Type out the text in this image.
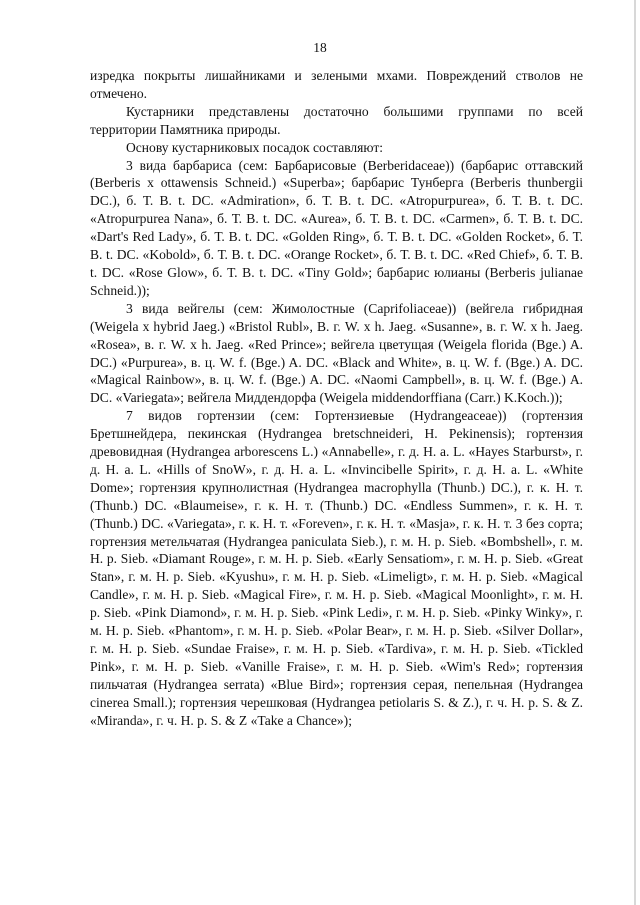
18

изредка покрыты лишайниками и зелеными мхами. Повреждений стволов не отмечено.

Кустарники представлены достаточно большими группами по всей территории Памятника природы.

Основу кустарниковых посадок составляют:

3 вида барбариса (сем: Барбарисовые (Berberidaceae)) (барбарис оттавский (Berberis x ottawensis Schneid.) «Superba»; барбарис Тунберга (Berberis thunbergii DC.), б. Т. В. t. DC. «Admiration», б. Т. В. t. DC. «Atropurpurea», б. Т. В. t. DC. «Atropurpurea Nana», б. Т. В. t. DC. «Aurea», б. Т. В. t. DC. «Carmen», б. Т. В. t. DC. «Dart's Red Lady», б. Т. В. t. DC. «Golden Ring», б. Т. В. t. DC. «Golden Rocket», б. Т. В. t. DC. «Kobold», б. Т. В. t. DC. «Orange Rocket», б. Т. В. t. DC. «Red Chief», б. Т. В. t. DC. «Rose Glow», б. Т. В. t. DC. «Tiny Gold»; барбарис юлианы (Berberis julianae Schneid.));

3 вида вейгелы (сем: Жимолостные (Caprifoliaceae)) (вейгела гибридная (Weigela x hybrid Jaeg.) «Bristol Rubl», В. г. W. x h. Jaeg. «Susanne», в. г. W. x h. Jaeg. «Rosea», в. г. W. x h. Jaeg. «Red Prince»; вейгела цветущая (Weigela florida (Bge.) A. DC.) «Purpurea», в. ц. W. f. (Bge.) A. DC. «Black and White», в. ц. W. f. (Bge.) A. DC. «Magical Rainbow», в. ц. W. f. (Bge.) A. DC. «Naomi Campbell», в. ц. W. f. (Bge.) A. DC. «Variegata»; вейгела Миддендорфа (Weigela middendorffiana (Carr.) K.Koch.));

7 видов гортензии (сем: Гортензиевые (Hydrangeaceae)) (гортензия Бретшнейдера, пекинская (Hydrangea bretschneideri, H. Pekinensis); гортензия древовидная (Hydrangea arborescens L.) «Annabelle», г. д. H. a. L. «Hayes Starburst», г. д. H. a. L. «Hills of SnoW», г. д. H. a. L. «Invincibelle Spirit», г. д. H. a. L. «White Dome»; гортензия крупнолистная (Hydrangea macrophylla (Thunb.) DC.), г. к. H. т. (Thunb.) DC. «Blaumeise», г. к. H. т. (Thunb.) DC. «Endless Summen», г. к. H. т. (Thunb.) DC. «Variegata», г. к. H. т. «Foreven», г. к. H. т. «Masja», г. к. H. т. 3 без сорта; гортензия метельчатая (Hydrangea paniculata Sieb.), г. м. H. p. Sieb. «Bombshell», г. м. H. p. Sieb. «Diamant Rouge», г. м. H. p. Sieb. «Early Sensatiom», г. м. H. p. Sieb. «Great Stan», г. м. H. p. Sieb. «Kyushu», г. м. H. p. Sieb. «Limeligt», г. м. H. p. Sieb. «Magical Candle», г. м. H. p. Sieb. «Magical Fire», г. м. H. p. Sieb. «Magical Moonlight», г. м. H. p. Sieb. «Pink Diamond», г. м. H. p. Sieb. «Pink Ledi», г. м. H. p. Sieb. «Pinky Winky», г. м. H. p. Sieb. «Phantom», г. м. H. p. Sieb. «Polar Bear», г. м. H. p. Sieb. «Silver Dollar», г. м. H. p. Sieb. «Sundae Fraise», г. м. H. p. Sieb. «Tardiva», г. м. H. p. Sieb. «Tickled Pink», г. м. H. p. Sieb. «Vanille Fraise», г. м. H. p. Sieb. «Wim's Red»; гортензия пильчатая (Hydrangea serrata) «Blue Bird»; гортензия серая, пепельная (Hydrangea cinerea Small.); гортензия черешковая (Hydrangea petiolaris S. & Z.), г. ч. H. p. S. & Z. «Miranda», г. ч. H. p. S. & Z «Take a Chance»);
